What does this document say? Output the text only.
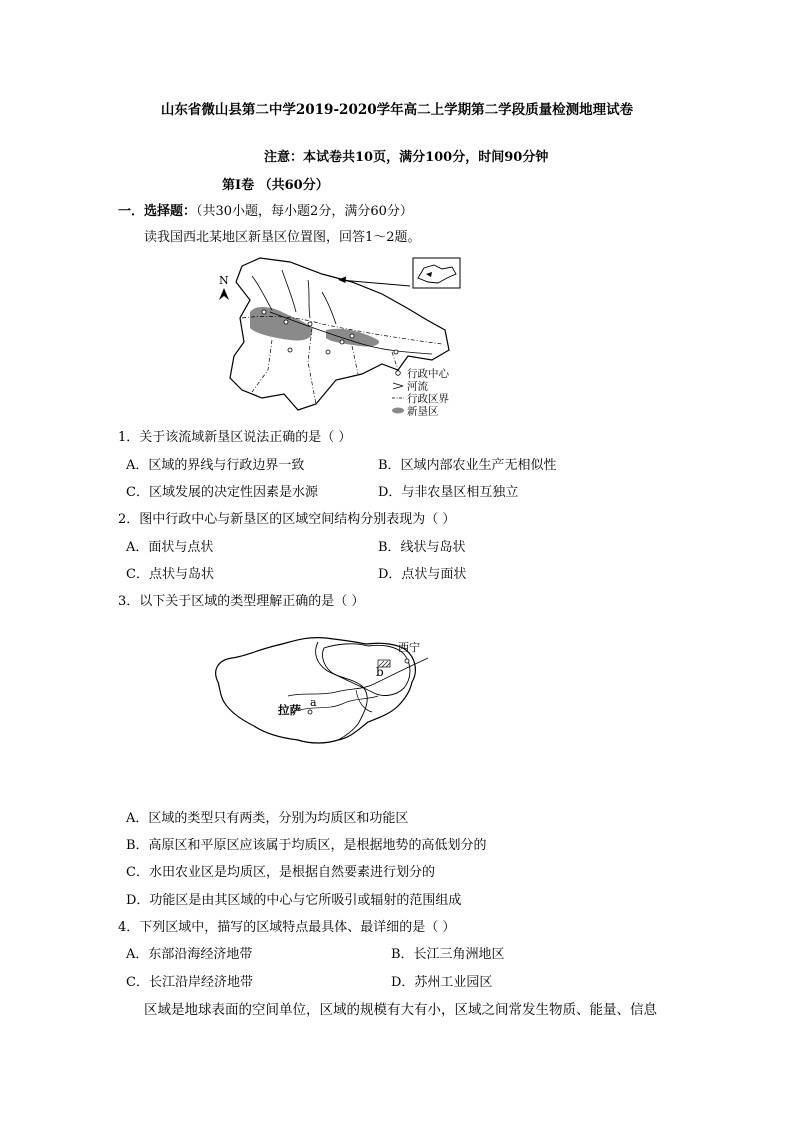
山东省微山县第二中学2019-2020学年高二上学期第二学段质量检测地理试卷
注意：本试卷共10页，满分100分，时间90分钟
第I卷 （共60分）
一．选择题：（共30小题，每小题2分，满分60分）
读我国西北某地区新垦区位置图，回答1～2题。
N
行政中心
河流
行政区界
新垦区
1．关于该流域新垦区说法正确的是（ ）
A．区域的界线与行政边界一致	B．区域内部农业生产无相似性
C．区域发展的决定性因素是水源	D．与非农垦区相互独立
2．图中行政中心与新垦区的区域空间结构分别表现为（ ）
A．面状与点状	B．线状与岛状
C．点状与岛状	D．点状与面状
3．以下关于区域的类型理解正确的是（ ）
西宁
拉萨
a
b
A．区域的类型只有两类，分别为均质区和功能区
B．高原区和平原区应该属于均质区，是根据地势的高低划分的
C．水田农业区是均质区，是根据自然要素进行划分的
D．功能区是由其区域的中心与它所吸引或辐射的范围组成
4．下列区域中，描写的区域特点最具体、最详细的是（ ）
A．东部沿海经济地带	B．长江三角洲地区
C．长江沿岸经济地带	D．苏州工业园区
区域是地球表面的空间单位，区域的规模有大有小，区域之间常发生物质、能量、信息
